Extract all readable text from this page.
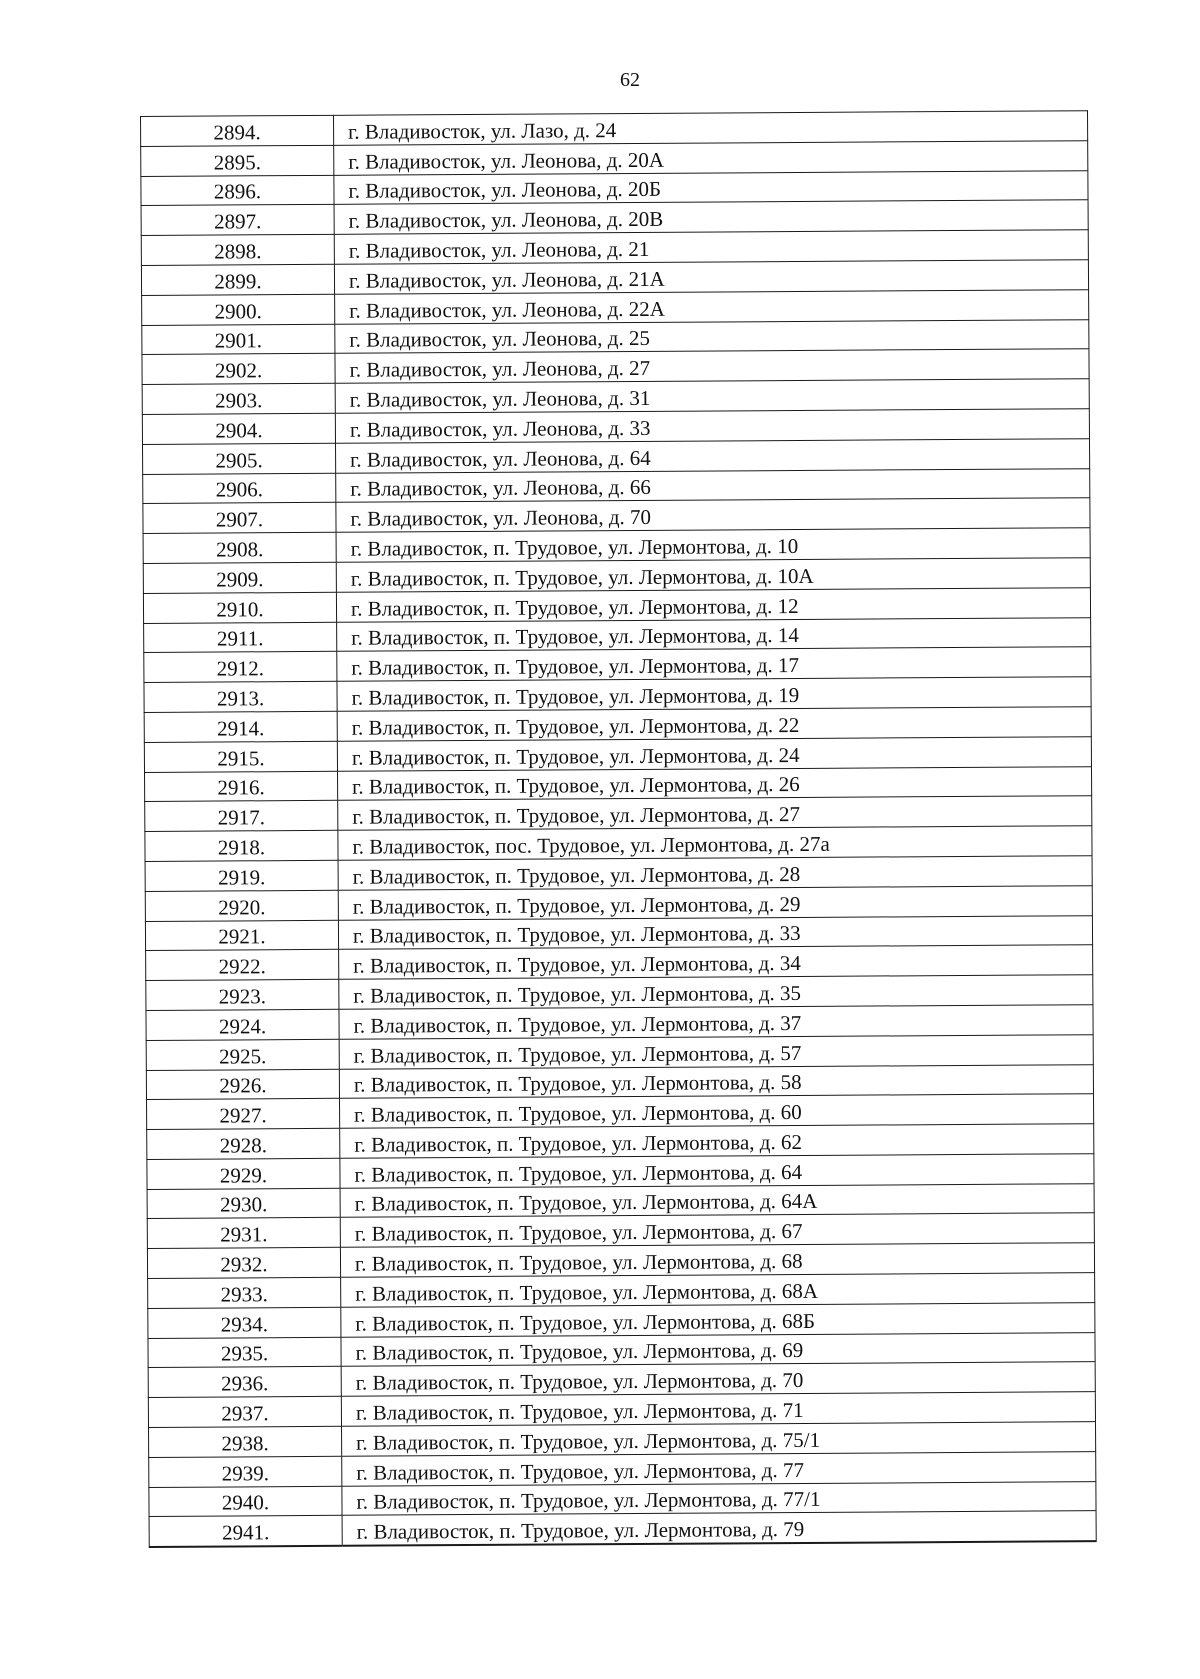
62
2894.	г. Владивосток, ул. Лазо, д. 24
2895.	г. Владивосток, ул. Леонова, д. 20А
2896.	г. Владивосток, ул. Леонова, д. 20Б
2897.	г. Владивосток, ул. Леонова, д. 20В
2898.	г. Владивосток, ул. Леонова, д. 21
2899.	г. Владивосток, ул. Леонова, д. 21А
2900.	г. Владивосток, ул. Леонова, д. 22А
2901.	г. Владивосток, ул. Леонова, д. 25
2902.	г. Владивосток, ул. Леонова, д. 27
2903.	г. Владивосток, ул. Леонова, д. 31
2904.	г. Владивосток, ул. Леонова, д. 33
2905.	г. Владивосток, ул. Леонова, д. 64
2906.	г. Владивосток, ул. Леонова, д. 66
2907.	г. Владивосток, ул. Леонова, д. 70
2908.	г. Владивосток, п. Трудовое, ул. Лермонтова, д. 10
2909.	г. Владивосток, п. Трудовое, ул. Лермонтова, д. 10А
2910.	г. Владивосток, п. Трудовое, ул. Лермонтова, д. 12
2911.	г. Владивосток, п. Трудовое, ул. Лермонтова, д. 14
2912.	г. Владивосток, п. Трудовое, ул. Лермонтова, д. 17
2913.	г. Владивосток, п. Трудовое, ул. Лермонтова, д. 19
2914.	г. Владивосток, п. Трудовое, ул. Лермонтова, д. 22
2915.	г. Владивосток, п. Трудовое, ул. Лермонтова, д. 24
2916.	г. Владивосток, п. Трудовое, ул. Лермонтова, д. 26
2917.	г. Владивосток, п. Трудовое, ул. Лермонтова, д. 27
2918.	г. Владивосток, пос. Трудовое, ул. Лермонтова, д. 27а
2919.	г. Владивосток, п. Трудовое, ул. Лермонтова, д. 28
2920.	г. Владивосток, п. Трудовое, ул. Лермонтова, д. 29
2921.	г. Владивосток, п. Трудовое, ул. Лермонтова, д. 33
2922.	г. Владивосток, п. Трудовое, ул. Лермонтова, д. 34
2923.	г. Владивосток, п. Трудовое, ул. Лермонтова, д. 35
2924.	г. Владивосток, п. Трудовое, ул. Лермонтова, д. 37
2925.	г. Владивосток, п. Трудовое, ул. Лермонтова, д. 57
2926.	г. Владивосток, п. Трудовое, ул. Лермонтова, д. 58
2927.	г. Владивосток, п. Трудовое, ул. Лермонтова, д. 60
2928.	г. Владивосток, п. Трудовое, ул. Лермонтова, д. 62
2929.	г. Владивосток, п. Трудовое, ул. Лермонтова, д. 64
2930.	г. Владивосток, п. Трудовое, ул. Лермонтова, д. 64А
2931.	г. Владивосток, п. Трудовое, ул. Лермонтова, д. 67
2932.	г. Владивосток, п. Трудовое, ул. Лермонтова, д. 68
2933.	г. Владивосток, п. Трудовое, ул. Лермонтова, д. 68А
2934.	г. Владивосток, п. Трудовое, ул. Лермонтова, д. 68Б
2935.	г. Владивосток, п. Трудовое, ул. Лермонтова, д. 69
2936.	г. Владивосток, п. Трудовое, ул. Лермонтова, д. 70
2937.	г. Владивосток, п. Трудовое, ул. Лермонтова, д. 71
2938.	г. Владивосток, п. Трудовое, ул. Лермонтова, д. 75/1
2939.	г. Владивосток, п. Трудовое, ул. Лермонтова, д. 77
2940.	г. Владивосток, п. Трудовое, ул. Лермонтова, д. 77/1
2941.	г. Владивосток, п. Трудовое, ул. Лермонтова, д. 79
